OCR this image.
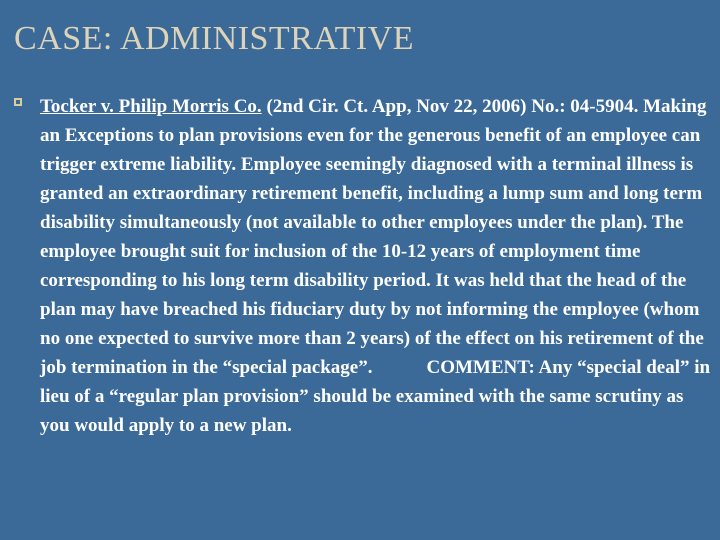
CASE: ADMINISTRATIVE
Tocker v. Philip Morris Co. (2nd Cir. Ct. App, Nov 22, 2006) No.: 04-5904. Making an Exceptions to plan provisions even for the generous benefit of an employee can trigger extreme liability. Employee seemingly diagnosed with a terminal illness is granted an extraordinary retirement benefit, including a lump sum and long term disability simultaneously (not available to other employees under the plan). The employee brought suit for inclusion of the 10-12 years of employment time corresponding to his long term disability period. It was held that the head of the plan may have breached his fiduciary duty by not informing the employee (whom no one expected to survive more than 2 years) of the effect on his retirement of the job termination in the “special package”.	COMMENT: Any “special deal” in lieu of a “regular plan provision” should be examined with the same scrutiny as you would apply to a new plan.
